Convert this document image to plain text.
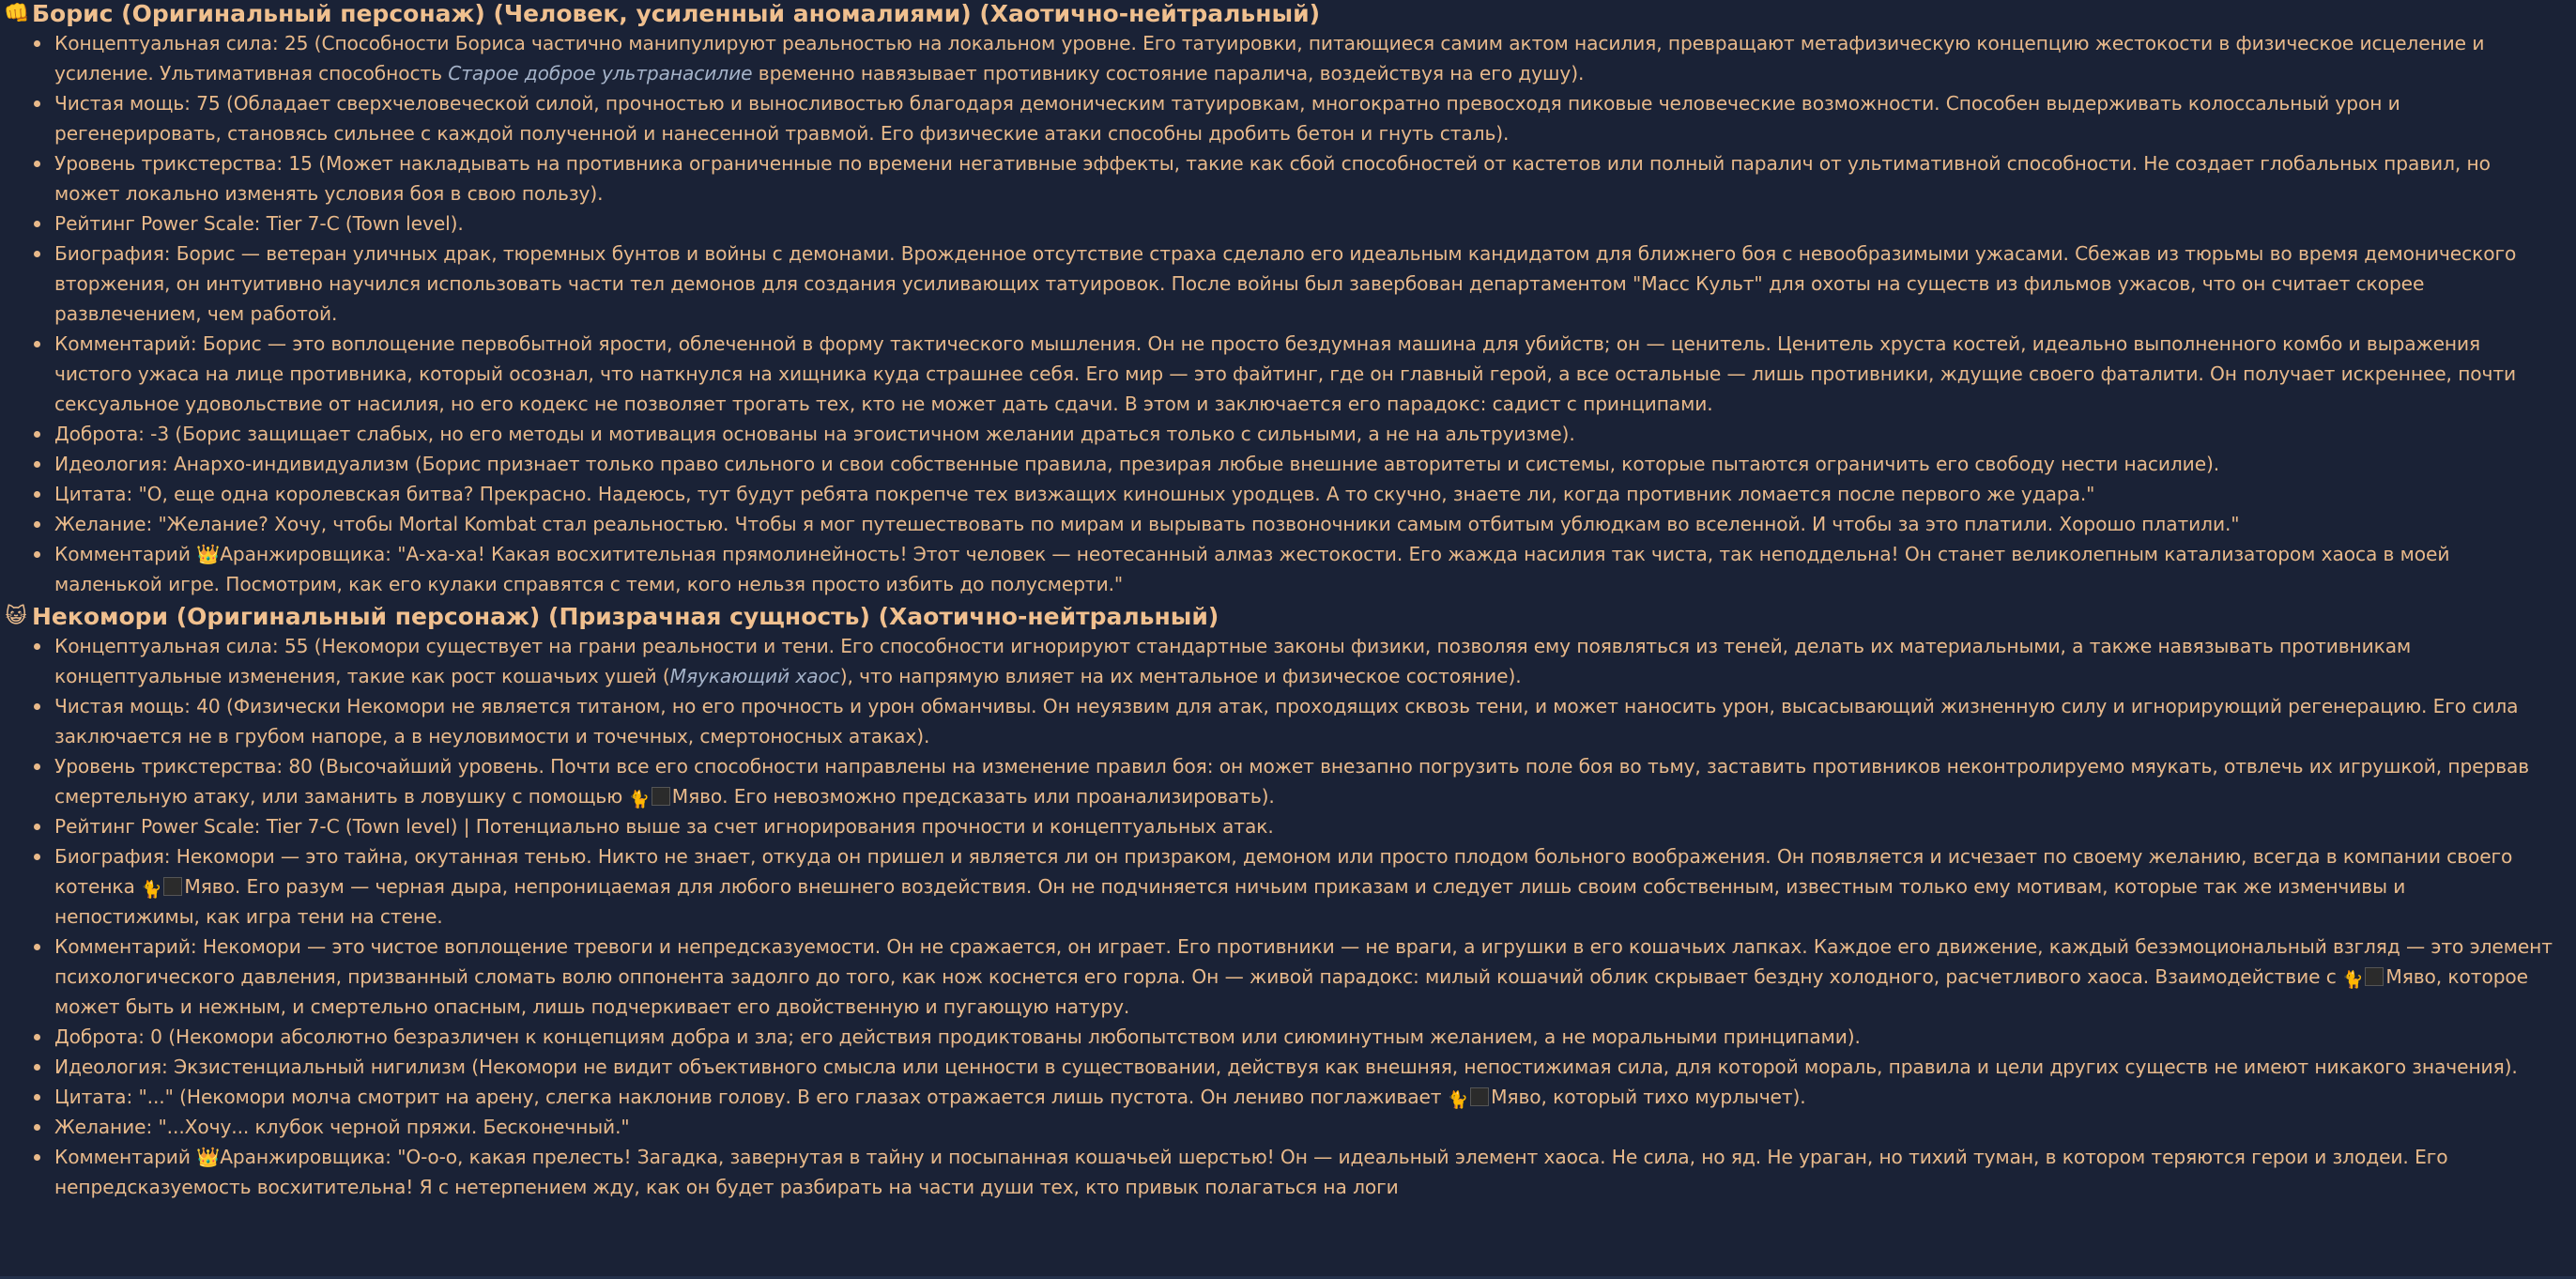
👊 Борис (Оригинальный персонаж) (Человек, усиленный аномалиями) (Хаотично-нейтральный)
Концептуальная сила: 25 (Способности Бориса частично манипулируют реальностью на локальном уровне. Его татуировки, питающиеся самим актом насилия, превращают метафизическую концепцию жестокости в физическое исцеление и усиление. Ультимативная способность Старое доброе ультранасилие временно навязывает противнику состояние паралича, воздействуя на его душу).
Чистая мощь: 75 (Обладает сверхчеловеческой силой, прочностью и выносливостью благодаря демоническим татуировкам, многократно превосходя пиковые человеческие возможности. Способен выдерживать колоссальный урон и регенерировать, становясь сильнее с каждой полученной и нанесенной травмой. Его физические атаки способны дробить бетон и гнуть сталь).
Уровень трикстерства: 15 (Может накладывать на противника ограниченные по времени негативные эффекты, такие как сбой способностей от кастетов или полный паралич от ультимативной способности. Не создает глобальных правил, но может локально изменять условия боя в свою пользу).
Рейтинг Power Scale: Tier 7-C (Town level).
Биография: Борис — ветеран уличных драк, тюремных бунтов и войны с демонами. Врожденное отсутствие страха сделало его идеальным кандидатом для ближнего боя с невообразимыми ужасами. Сбежав из тюрьмы во время демонического вторжения, он интуитивно научился использовать части тел демонов для создания усиливающих татуировок. После войны был завербован департаментом "Масс Культ" для охоты на существ из фильмов ужасов, что он считает скорее развлечением, чем работой.
Комментарий: Борис — это воплощение первобытной ярости, облеченной в форму тактического мышления. Он не просто бездумная машина для убийств; он — ценитель. Ценитель хруста костей, идеально выполненного комбо и выражения чистого ужаса на лице противника, который осознал, что наткнулся на хищника куда страшнее себя. Его мир — это файтинг, где он главный герой, а все остальные — лишь противники, ждущие своего фаталити. Он получает искреннее, почти сексуальное удовольствие от насилия, но его кодекс не позволяет трогать тех, кто не может дать сдачи. В этом и заключается его парадокс: садист с принципами.
Доброта: -3 (Борис защищает слабых, но его методы и мотивация основаны на эгоистичном желании драться только с сильными, а не на альтруизме).
Идеология: Анархо-индивидуализм (Борис признает только право сильного и свои собственные правила, презирая любые внешние авторитеты и системы, которые пытаются ограничить его свободу нести насилие).
Цитата: "О, еще одна королевская битва? Прекрасно. Надеюсь, тут будут ребята покрепче тех визжащих киношных уродцев. А то скучно, знаете ли, когда противник ломается после первого же удара."
Желание: "Желание? Хочу, чтобы Mortal Kombat стал реальностью. Чтобы я мог путешествовать по мирам и вырывать позвоночники самым отбитым ублюдкам во вселенной. И чтобы за это платили. Хорошо платили."
Комментарий 👑Аранжировщика: "А-ха-ха! Какая восхитительная прямолинейность! Этот человек — неотесанный алмаз жестокости. Его жажда насилия так чиста, так неподдельна! Он станет великолепным катализатором хаоса в моей маленькой игре. Посмотрим, как его кулаки справятся с теми, кого нельзя просто избить до полусмерти."
😺 Некомори (Оригинальный персонаж) (Призрачная сущность) (Хаотично-нейтральный)
Концептуальная сила: 55 (Некомори существует на грани реальности и тени. Его способности игнорируют стандартные законы физики, позволяя ему появляться из теней, делать их материальными, а также навязывать противникам концептуальные изменения, такие как рост кошачьих ушей (Мяукающий хаос), что напрямую влияет на их ментальное и физическое состояние).
Чистая мощь: 40 (Физически Некомори не является титаном, но его прочность и урон обманчивы. Он неуязвим для атак, проходящих сквозь тени, и может наносить урон, высасывающий жизненную силу и игнорирующий регенерацию. Его сила заключается не в грубом напоре, а в неуловимости и точечных, смертоносных атаках).
Уровень трикстерства: 80 (Высочайший уровень. Почти все его способности направлены на изменение правил боя: он может внезапно погрузить поле боя во тьму, заставить противников неконтролируемо мяукать, отвлечь их игрушкой, прервав смертельную атаку, или заманить в ловушку с помощью 🐈 Мяво. Его невозможно предсказать или проанализировать).
Рейтинг Power Scale: Tier 7-C (Town level) | Потенциально выше за счет игнорирования прочности и концептуальных атак.
Биография: Некомори — это тайна, окутанная тенью. Никто не знает, откуда он пришел и является ли он призраком, демоном или просто плодом больного воображения. Он появляется и исчезает по своему желанию, всегда в компании своего котенка 🐈 Мяво. Его разум — черная дыра, непроницаемая для любого внешнего воздействия. Он не подчиняется ничьим приказам и следует лишь своим собственным, известным только ему мотивам, которые так же изменчивы и непостижимы, как игра тени на стене.
Комментарий: Некомори — это чистое воплощение тревоги и непредсказуемости. Он не сражается, он играет. Его противники — не враги, а игрушки в его кошачьих лапках. Каждое его движение, каждый безэмоциональный взгляд — это элемент психологического давления, призванный сломать волю оппонента задолго до того, как нож коснется его горла. Он — живой парадокс: милый кошачий облик скрывает бездну холодного, расчетливого хаоса. Взаимодействие с 🐈 Мяво, которое может быть и нежным, и смертельно опасным, лишь подчеркивает его двойственную и пугающую натуру.
Доброта: 0 (Некомори абсолютно безразличен к концепциям добра и зла; его действия продиктованы любопытством или сиюминутным желанием, а не моральными принципами).
Идеология: Экзистенциальный нигилизм (Некомори не видит объективного смысла или ценности в существовании, действуя как внешняя, непостижимая сила, для которой мораль, правила и цели других существ не имеют никакого значения).
Цитата: "..." (Некомори молча смотрит на арену, слегка наклонив голову. В его глазах отражается лишь пустота. Он лениво поглаживает 🐈 Мяво, который тихо мурлычет).
Желание: "...Хочу... клубок черной пряжи. Бесконечный."
Комментарий 👑Аранжировщика: "О-о-о, какая прелесть! Загадка, завернутая в тайну и посыпанная кошачьей шерстью! Он — идеальный элемент хаоса. Не сила, но яд. Не ураган, но тихий туман, в котором теряются герои и злодеи. Его непредсказуемость восхитительна! Я с нетерпением жду, как он будет разбирать на части души тех, кто привык полагаться на логи
